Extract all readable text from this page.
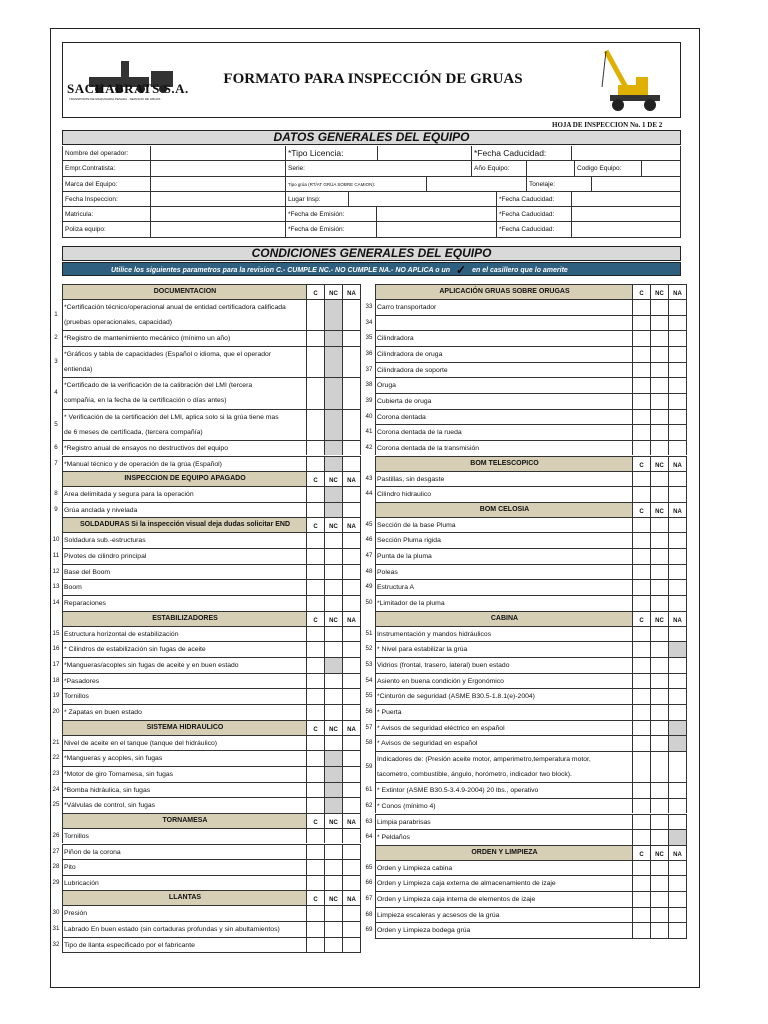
SACHABRATS S.A.
TRANSPORTE DE MAQUINARIA PESADA - SERVICIO DE GRUAS
FORMATO PARA INSPECCIÓN DE GRUAS
HOJA DE INSPECCION No. 1 DE 2
DATOS GENERALES DEL EQUIPO
Nombre del operador:	*Tipo Licencia:	*Fecha Caducidad:
Empr.Contratista:	Serie:	Año Equipo:	Codigo Equipo:
Marca del Equipo:	Tipo grúa (RT/AT GRÚA SOBRE CAMION):	Tonelaje:
Fecha Inspeccion:	Lugar Insp:	*Fecha Caducidad:
Matricula:	*Fecha de Emisión:	*Fecha Caducidad:
Poliza equipo:	*Fecha de Emisión:	*Fecha Caducidad:
CONDICIONES GENERALES DEL EQUIPO
Utilice los siguientes parametros para la revision C.- CUMPLE NC.- NO CUMPLE NA.- NO APLICA o un ✓ en el casillero que lo amerite
DOCUMENTACION	C	NC	NA
1
*Certificación técnico/operacional anual de entidad certificadora calificada
(pruebas operacionales, capacidad)
2 *Registro de mantenimiento mecánico (mínimo un año)
3
*Gráficos y tabla de capacidades (Español o idioma, que el operador
entienda)
4
*Certificado de la verificación de la calibración del LMI (tercera
compañía, en la fecha de la certificación o días antes)
5
* Verificación de la certificación del LMI, aplica solo si la grúa tiene mas
de 6 meses de certificada, (tercera compañía)
6 *Registro anual de ensayos no destructivos del equipo
7 *Manual técnico y de operación de la grúa (Español)
INSPECCION DE EQUIPO APAGADO	C	NC	NA
8 Area delimitada y segura para la operación
9 Grúa anclada y nivelada
SOLDADURAS Si la inspección visual deja dudas solicitar END	C	NC	NA
10 Soldadura sub.-estructuras
11 Pivotes de cilindro principal
12 Base del Boom
13 Boom
14 Reparaciones
ESTABILIZADORES	C	NC	NA
15 Estructura horizontal de estabilización
16 * Cilindros de estabilización sin fugas de aceite
17 *Mangueras/acoples sin fugas de aceite y en buen estado
18 *Pasadores
19 Tornillos
20 * Zapatas en buen estado
SISTEMA HIDRAULICO	C	NC	NA
21 Nivel de aceite en el tanque (tanque del hidráulico)
22 *Mangueras y acoples, sin fugas
23 *Motor de giro Tornamesa, sin fugas
24 *Bomba hidráulica, sin fugas
25 *Válvulas de control, sin fugas
TORNAMESA	C	NC	NA
26 Tornillos
27 Piñon de la corona
28 Pito
29 Lubricación
LLANTAS	C	NC	NA
30 Presión
31 Labrado En buen estado (sin cortaduras profundas y sin abultamientos)
32 Tipo de llanta especificado por el fabricante
APLICACIÓN GRUAS SOBRE ORUGAS	C	NC	NA
33 Carro transportador
34
35 Cilindradora
36 Cilindradora de oruga
37 Cilindradora de soporte
38 Oruga
39 Cubierta de oruga
40 Corona dentada
41 Corona dentada de la rueda
42 Corona dentada de la transmisión
BOM TELESCOPICO	C	NC	NA
43 Pastillas, sin desgaste
44 Cilindro hidraulico
BOM CELOSIA	C	NC	NA
45 Sección de la base Pluma
46 Sección Pluma rigida
47 Punta de la pluma
48 Poleas
49 Estructura A
50 *Limitador de la pluma
CABINA	C	NC	NA
51 Instrumentación y mandos hidráulicos
52 * Nivel para estabilizar la grúa
53 Vidrios (frontal, trasero, lateral) buen estado
54 Asiento en buena condición y Ergonómico
55 *Cinturón de seguridad (ASME B30.5-1.8.1(e)-2004)
56 * Puerta
57 * Avisos de seguridad eléctrico en español
58 * Avisos de seguridad en español
59
Indicadores de: (Presión aceite motor, amperimetro,temperatura motor,
tacometro, combustible, ángulo, horómetro, indicador two block).
61 * Extintor (ASME B30.5-3.4.9-2004) 20 lbs., operativo
62 * Conos (mínimo 4)
63 Limpia parabrisas
64 * Peldaños
ORDEN Y LIMPIEZA	C	NC	NA
65 Orden y Limpieza cabina
66 Orden y Limpieza caja externa de almacenamiento de izaje
67 Orden y Limpieza caja interna de elementos de izaje
68 Limpieza escaleras y acsesos de la grúa
69 Orden y Limpieza bodega grúa
